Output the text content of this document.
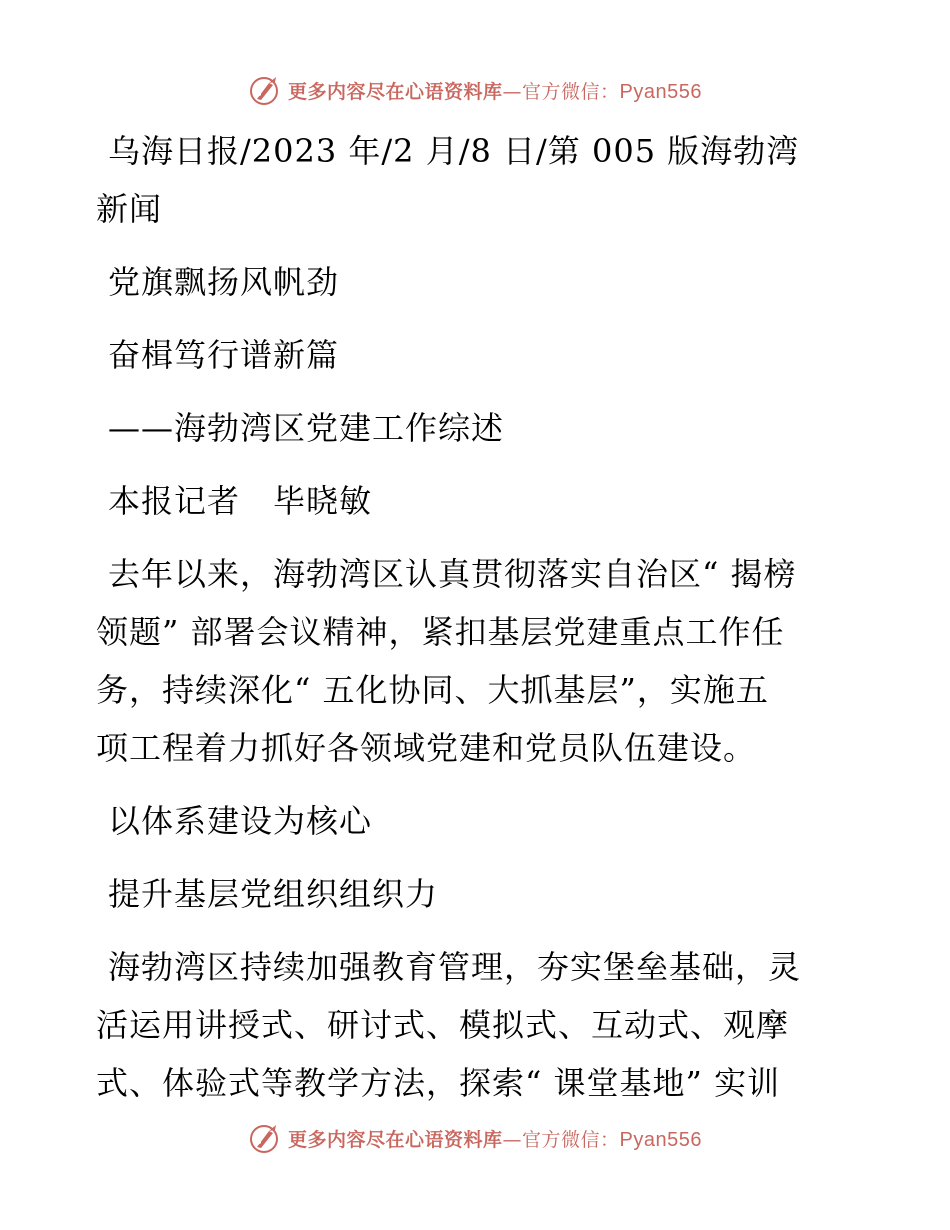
更多内容尽在心语资料库—官方微信：Pyan556

乌海日报/2023 年/2 月/8 日/第 005 版海勃湾

新闻

党旗飘扬风帆劲

奋楫笃行谱新篇

——海勃湾区党建工作综述

本报记者　毕晓敏

去年以来，海勃湾区认真贯彻落实自治区“ 揭榜

领题” 部署会议精神，紧扣基层党建重点工作任

务，持续深化“ 五化协同、大抓基层”，实施五

项工程着力抓好各领域党建和党员队伍建设。

以体系建设为核心

提升基层党组织组织力

海勃湾区持续加强教育管理，夯实堡垒基础，灵

活运用讲授式、研讨式、模拟式、互动式、观摩

式、体验式等教学方法，探索“ 课堂基地” 实训

更多内容尽在心语资料库—官方微信：Pyan556
